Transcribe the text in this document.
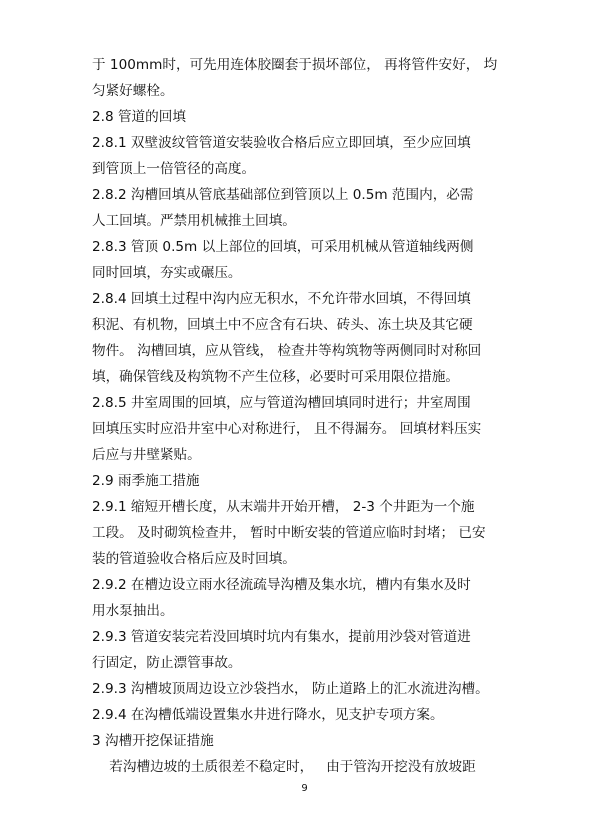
于 100mm时，可先用连体胶圈套于损坏部位， 再将管件安好， 均
匀紧好螺栓。
2.8 管道的回填
2.8.1 双壁波纹管管道安装验收合格后应立即回填，至少应回填
到管顶上一倍管径的高度。
2.8.2 沟槽回填从管底基础部位到管顶以上 0.5m 范围内，必需
人工回填。严禁用机械推土回填。
2.8.3 管顶 0.5m 以上部位的回填，可采用机械从管道轴线两侧
同时回填，夯实或碾压。
2.8.4 回填土过程中沟内应无积水，不允许带水回填，不得回填
积泥、有机物，回填土中不应含有石块、砖头、冻土块及其它硬
物件。 沟槽回填，应从管线， 检查井等构筑物等两侧同时对称回
填，确保管线及构筑物不产生位移，必要时可采用限位措施。
2.8.5 井室周围的回填，应与管道沟槽回填同时进行；井室周围
回填压实时应沿井室中心对称进行， 且不得漏夯。 回填材料压实
后应与井壁紧贴。
2.9 雨季施工措施
2.9.1 缩短开槽长度，从末端井开始开槽， 2-3 个井距为一个施
工段。 及时砌筑检查井， 暂时中断安装的管道应临时封堵； 已安
装的管道验收合格后应及时回填。
2.9.2 在槽边设立雨水径流疏导沟槽及集水坑，槽内有集水及时
用水泵抽出。
2.9.3 管道安装完若没回填时坑内有集水，提前用沙袋对管道进
行固定，防止漂管事故。
2.9.3 沟槽坡顶周边设立沙袋挡水， 防止道路上的汇水流进沟槽。
2.9.4 在沟槽低端设置集水井进行降水，见支护专项方案。
3 沟槽开挖保证措施
若沟槽边坡的土质很差不稳定时，   由于管沟开挖没有放坡距
9
